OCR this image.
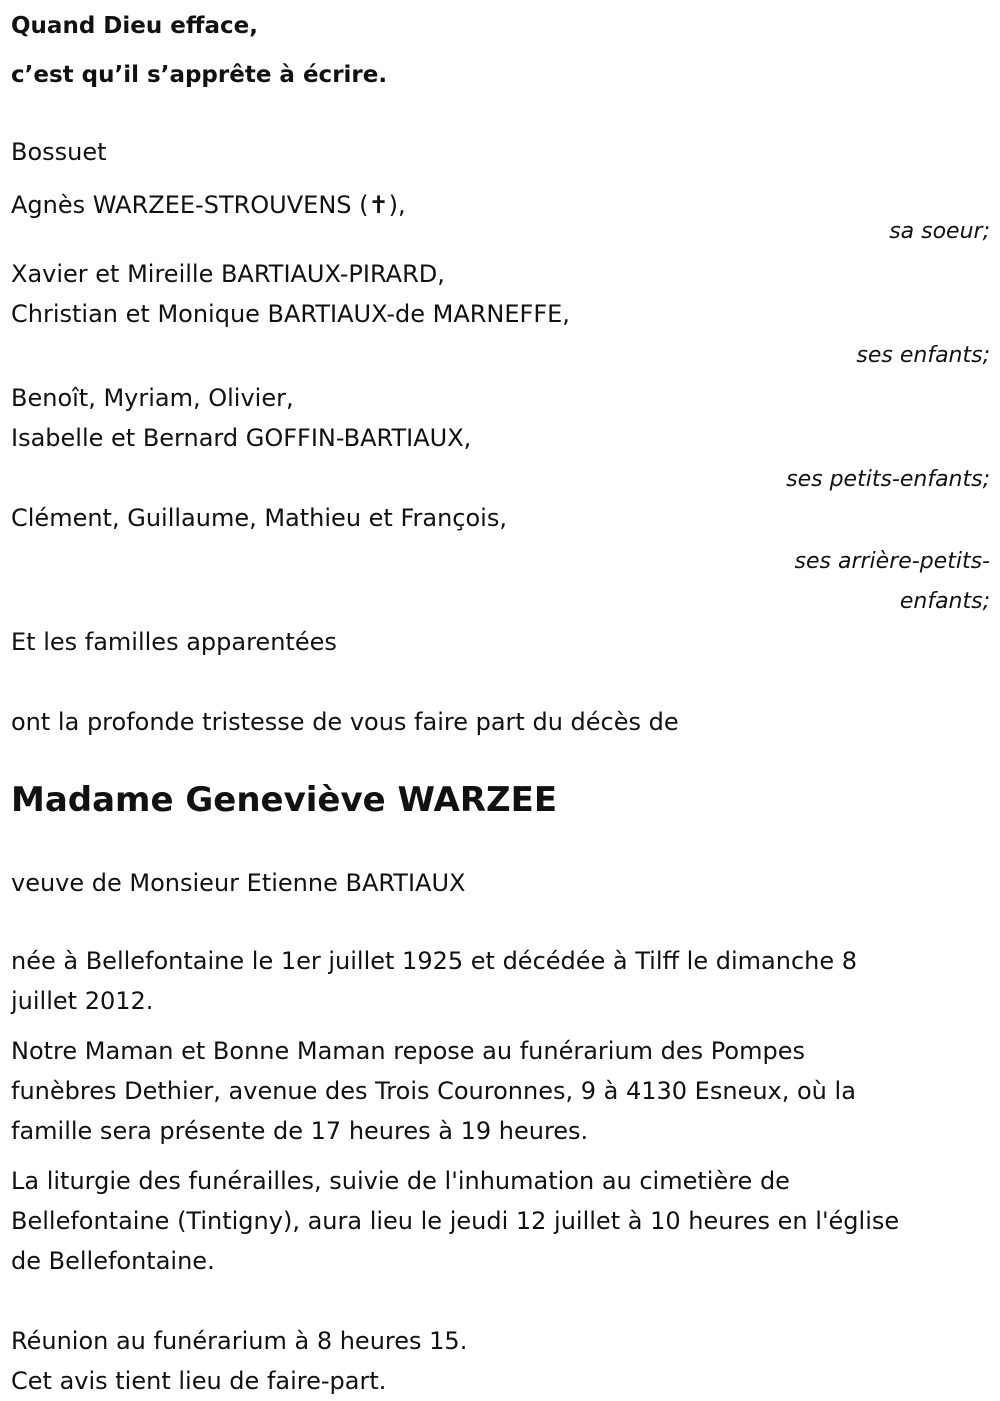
Quand Dieu efface,
c’est qu’il s’apprête à écrire.
Bossuet
Agnès WARZEE-STROUVENS (✝),
sa soeur;
Xavier et Mireille BARTIAUX-PIRARD,
Christian et Monique BARTIAUX-de MARNEFFE,
ses enfants;
Benoît, Myriam, Olivier,
Isabelle et Bernard GOFFIN-BARTIAUX,
ses petits-enfants;
Clément, Guillaume, Mathieu et François,
ses arrière-petits-
enfants;
Et les familles apparentées
ont la profonde tristesse de vous faire part du décès de
Madame Geneviève WARZEE
veuve de Monsieur Etienne BARTIAUX
née à Bellefontaine le 1er juillet 1925 et décédée à Tilff le dimanche 8
juillet 2012.
Notre Maman et Bonne Maman repose au funérarium des Pompes
funèbres Dethier, avenue des Trois Couronnes, 9 à 4130 Esneux, où la
famille sera présente de 17 heures à 19 heures.
La liturgie des funérailles, suivie de l'inhumation au cimetière de
Bellefontaine (Tintigny), aura lieu le jeudi 12 juillet à 10 heures en l'église
de Bellefontaine.
Réunion au funérarium à 8 heures 15.
Cet avis tient lieu de faire-part.
